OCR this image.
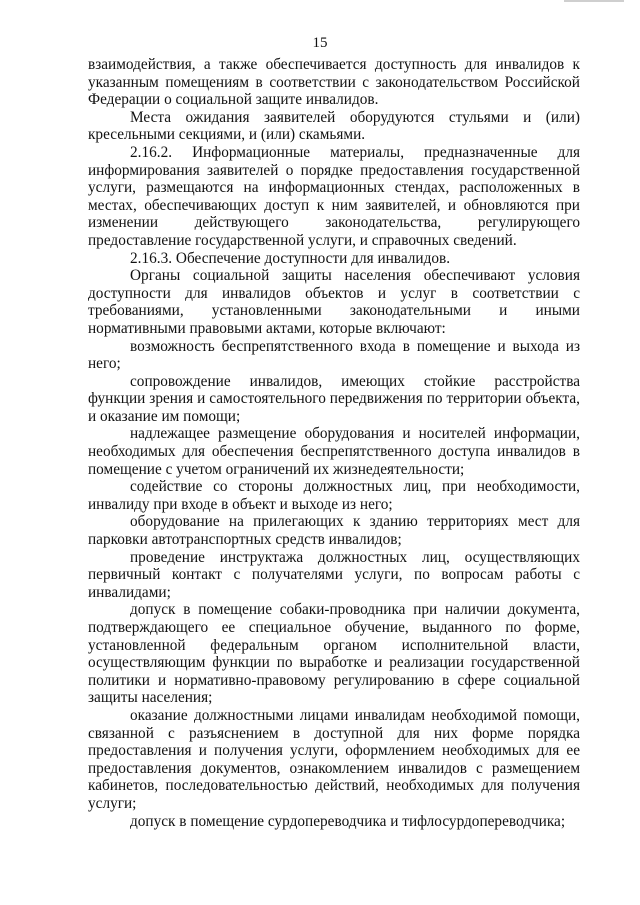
15

взаимодействия, а также обеспечивается доступность для инвалидов к указанным помещениям в соответствии с законодательством Российской Федерации о социальной защите инвалидов.

Места ожидания заявителей оборудуются стульями и (или) кресельными секциями, и (или) скамьями.

2.16.2. Информационные материалы, предназначенные для информирования заявителей о порядке предоставления государственной услуги, размещаются на информационных стендах, расположенных в местах, обеспечивающих доступ к ним заявителей, и обновляются при изменении действующего законодательства, регулирующего предоставление государственной услуги, и справочных сведений.

2.16.3. Обеспечение доступности для инвалидов.

Органы социальной защиты населения обеспечивают условия доступности для инвалидов объектов и услуг в соответствии с требованиями, установленными законодательными и иными нормативными правовыми актами, которые включают:

возможность беспрепятственного входа в помещение и выхода из него;

сопровождение инвалидов, имеющих стойкие расстройства функции зрения и самостоятельного передвижения по территории объекта, и оказание им помощи;

надлежащее размещение оборудования и носителей информации, необходимых для обеспечения беспрепятственного доступа инвалидов в помещение с учетом ограничений их жизнедеятельности;

содействие со стороны должностных лиц, при необходимости, инвалиду при входе в объект и выходе из него;

оборудование на прилегающих к зданию территориях мест для парковки автотранспортных средств инвалидов;

проведение инструктажа должностных лиц, осуществляющих первичный контакт с получателями услуги, по вопросам работы с инвалидами;

допуск в помещение собаки-проводника при наличии документа, подтверждающего ее специальное обучение, выданного по форме, установленной федеральным органом исполнительной власти, осуществляющим функции по выработке и реализации государственной политики и нормативно-правовому регулированию в сфере социальной защиты населения;

оказание должностными лицами инвалидам необходимой помощи, связанной с разъяснением в доступной для них форме порядка предоставления и получения услуги, оформлением необходимых для ее предоставления документов, ознакомлением инвалидов с размещением кабинетов, последовательностью действий, необходимых для получения услуги;

допуск в помещение сурдопереводчика и тифлосурдопереводчика;
